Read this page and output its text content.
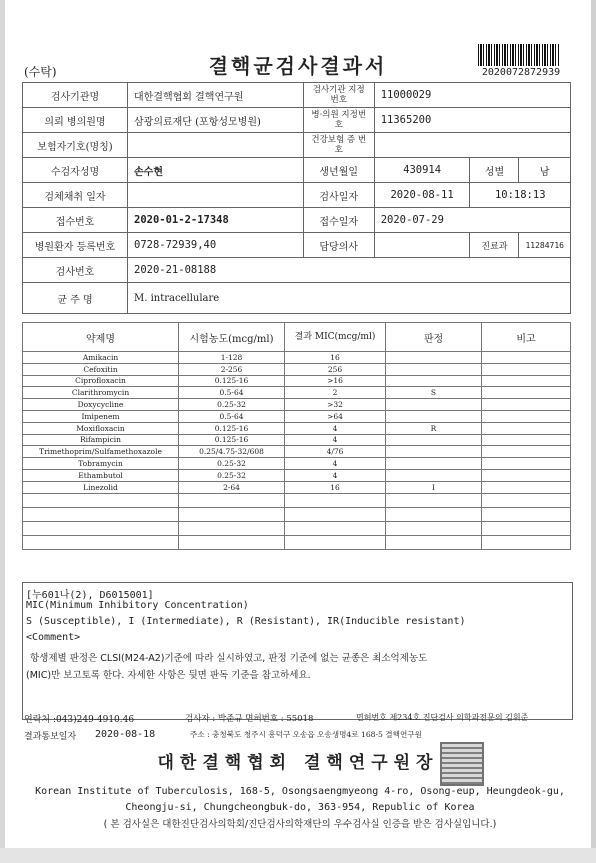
(수탁)	결핵균검사결과서	2020072872939
검사기관명	대한결핵협회 결핵연구원	검사기관 지정번호	11000029		
의뢰 병의원명	삼광의료재단 (포항성모병원)	병·의원 지정번호	11365200		
보험자기호(명칭)		건강보험 증 번 호			
수검자성명	손수현	생년월일	430914	성별	남
검체채취 일자		검사일자	2020-08-11	10:18:13	
접수번호	2020-01-2-17348	접수일자	2020-07-29		
병원환자 등록번호	0728-72939,40	담당의사		진료과	11284716
검사번호	2020-21-08188				
균 주 명	M. intracellulare				
약제명	시험농도(mcg/ml)	결과 MIC(mcg/ml)	판정	비고
Amikacin	1-128	16		
Cefoxitin	2-256	256		
Ciprofloxacin	0.125-16	>16		
Clarithromycin	0.5-64	2	S	
Doxycycline	0.25-32	>32		
Imipenem	0.5-64	>64		
Moxifloxacin	0.125-16	4	R	
Rifampicin	0.125-16	4		
Trimethoprim/Sulfamethoxazole	0.25/4.75-32/608	4/76		
Tobramycin	0.25-32	4		
Ethambutol	0.25-32	4		
Linezolid	2-64	16	I	

[누601나(2), D6015001]
MIC(Minimum Inhibitory Concentration)
S (Susceptible), I (Intermediate), R (Resistant), IR(Inducible resistant)
<Comment>
항생제별 판정은 CLSI(M24-A2)기준에 따라 실시하였고, 판정 기준에 없는 균종은 최소억제농도
(MIC)만 보고토록 한다. 자세한 사항은 뒷면 판독 기준을 참고하세요.
연락처 :043)249-4910.46	검사자 : 박준규 면허번호 : 55018	면허번호 제234호 진단검사 의학과전문의 김휘준
결과통보일자 2020-08-18	주소 : 충청북도 청주시 흥덕구 오송읍 오송생명4로 168-5 결핵연구원
대한결핵협회 결핵연구원장
Korean Institute of Tuberculosis, 168-5, Osongsaengmyeong 4-ro, Osong-eup, Heungdeok-gu,
Cheongju-si, Chungcheongbuk-do, 363-954, Republic of Korea
( 본 검사실은 대한진단검사의학회/진단검사의학재단의 우수검사실 인증을 받은 검사실입니다.)
